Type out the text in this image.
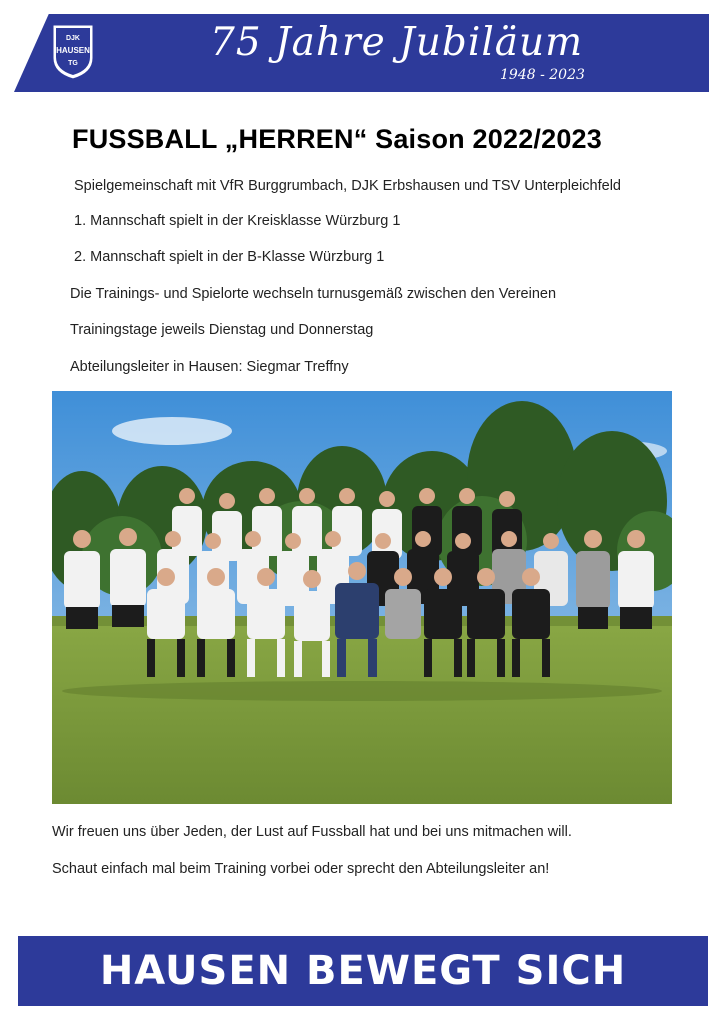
DJK
HAUSEN
TG	75 Jahre Jubiläum
1948 - 2023
FUSSBALL „HERREN“ Saison 2022/2023
Spielgemeinschaft mit VfR Burggrumbach, DJK Erbshausen und TSV Unterpleichfeld
1. Mannschaft spielt in der Kreisklasse Würzburg 1
2. Mannschaft spielt in der B-Klasse Würzburg 1
Die Trainings- und Spielorte wechseln turnusgemäß zwischen den Vereinen
Trainingstage jeweils Dienstag und Donnerstag
Abteilungsleiter in Hausen: Siegmar Treffny
Wir freuen uns über Jeden, der Lust auf Fussball hat und bei uns mitmachen will.
Schaut einfach mal beim Training vorbei oder sprecht den Abteilungsleiter an!
HAUSEN BEWEGT SICH
